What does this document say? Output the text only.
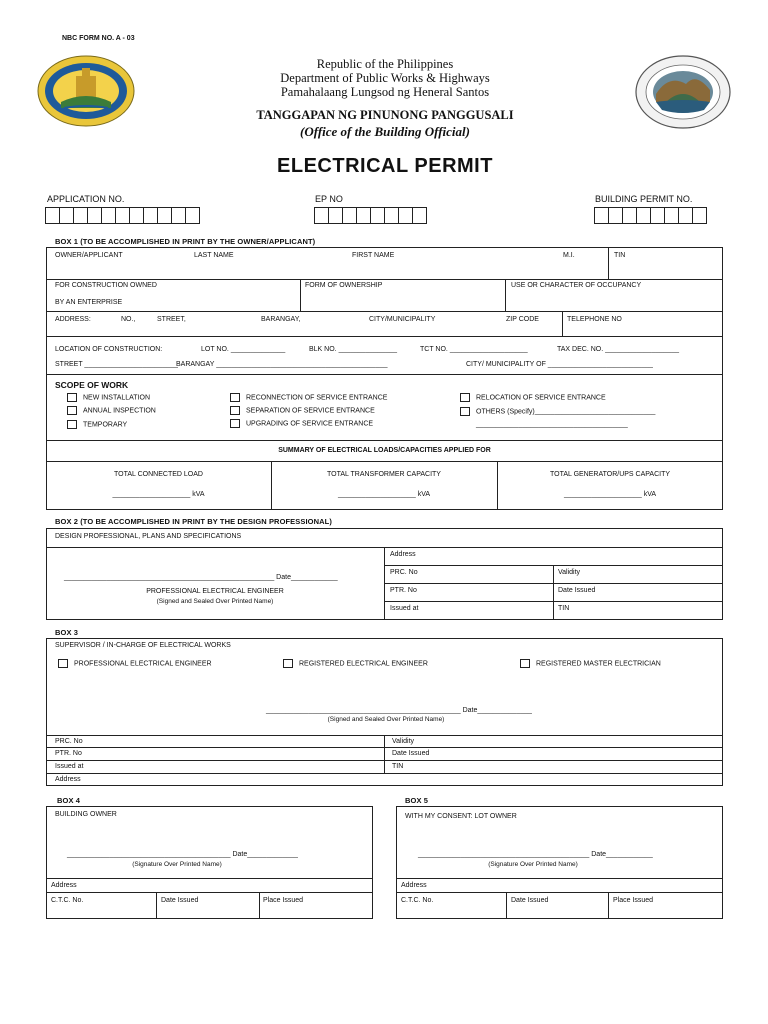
NBC FORM NO. A - 03
Republic of the Philippines
Department of Public Works & Highways
Pamahalaang Lungsod ng Heneral Santos
TANGGAPAN NG PINUNONG PANGGUSALI
(Office of the Building Official)
ELECTRICAL PERMIT
APPLICATION NO.	EP NO	BUILDING PERMIT NO.
BOX 1 (TO BE ACCOMPLISHED IN PRINT BY THE OWNER/APPLICANT)
OWNER/APPLICANT	LAST NAME	FIRST NAME	M.I.	TIN
FOR CONSTRUCTION OWNED
BY AN ENTERPRISE
FORM OF OWNERSHIP	USE OR CHARACTER OF OCCUPANCY
ADDRESS:	NO.,	STREET,	BARANGAY,	CITY/MUNICIPALITY	ZIP CODE	TELEPHONE NO
LOCATION OF CONSTRUCTION:	LOT NO. ______________	BLK NO. _______________	TCT NO. ____________________	TAX DEC. NO. ___________________
STREET ________________________
BARANGAY ____________________________________________	CITY/ MUNICIPALITY OF ___________________________
SCOPE OF WORK
NEW INSTALLATION
ANNUAL INSPECTION
TEMPORARY
RECONNECTION OF SERVICE ENTRANCE
SEPARATION OF SERVICE ENTRANCE
UPGRADING OF SERVICE ENTRANCE
RELOCATION OF SERVICE ENTRANCE
OTHERS (Specify)_______________________________
_______________________________________
SUMMARY OF ELECTRICAL LOADS/CAPACITIES APPLIED FOR
TOTAL CONNECTED LOAD	TOTAL TRANSFORMER CAPACITY	TOTAL GENERATOR/UPS CAPACITY
____________________ kVA	____________________ kVA	____________________ kVA
BOX 2 (TO BE ACCOMPLISHED IN PRINT BY THE DESIGN PROFESSIONAL)
DESIGN PROFESSIONAL, PLANS AND SPECIFICATIONS
______________________________________________________ Date____________
PROFESSIONAL ELECTRICAL ENGINEER
(Signed and Sealed Over Printed Name)
Address
PRC. No	Validity
PTR. No	Date Issued
Issued at	TIN
BOX 3
SUPERVISOR / IN-CHARGE OF ELECTRICAL WORKS
PROFESSIONAL ELECTRICAL ENGINEER	REGISTERED ELECTRICAL ENGINEER	REGISTERED MASTER ELECTRICIAN
__________________________________________________ Date______________
(Signed and Sealed Over Printed Name)
PRC. No	Validity
PTR. No	Date Issued
Issued at	TIN
Address
BOX 4
BUILDING OWNER
__________________________________________ Date_____________
(Signature Over Printed Name)
Address
C.T.C. No.	Date Issued	Place Issued
BOX 5
WITH MY CONSENT: LOT OWNER
____________________________________________ Date____________
(Signature Over Printed Name)
Address
C.T.C. No.	Date Issued	Place Issued
